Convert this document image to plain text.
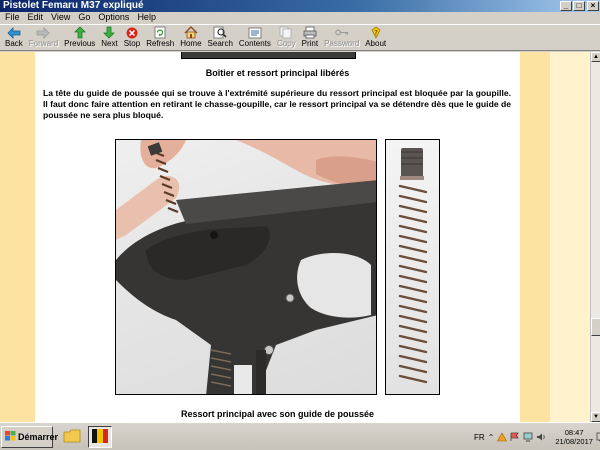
Pistolet Femaru M37 expliqué	_	□	×
File Edit View Go Options Help
Back Forward Previous Next Stop Refresh Home Search Contents Copy Print Password
?
About
Boîtier et ressort principal libérés
La tête du guide de poussée qui se trouve à l'extrémité supérieure du ressort principal est bloquée par la goupille. Il faut donc faire attention en retirant le chasse-goupille, car le ressort principal va se détendre dès que le guide de poussée ne sera plus bloqué.
Ressort principal avec son guide de poussée
▲
▼
Démarrer	FR ⌃	08:47
21/08/2017
